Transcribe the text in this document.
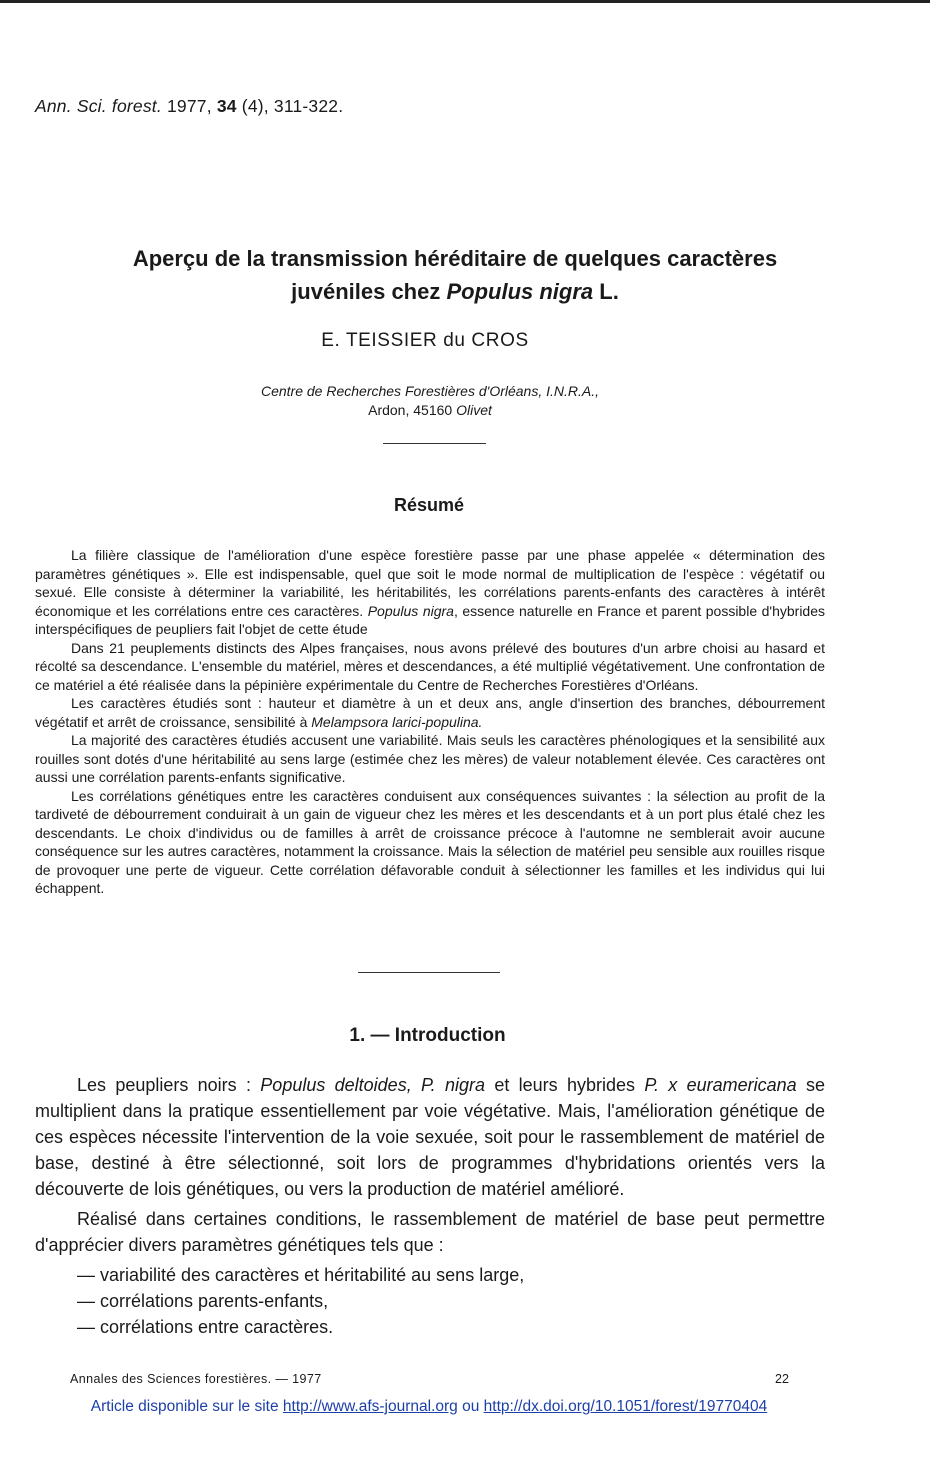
Ann. Sci. forest. 1977, 34 (4), 311-322.
Aperçu de la transmission héréditaire de quelques caractères
juvéniles chez Populus nigra L.
E. TEISSIER du CROS
Centre de Recherches Forestières d'Orléans, I.N.R.A.,
Ardon, 45160 Olivet
Résumé

La filière classique de l'amélioration d'une espèce forestière passe par une phase appelée « détermination des paramètres génétiques ». Elle est indispensable, quel que soit le mode normal de multiplication de l'espèce : végétatif ou sexué. Elle consiste à déterminer la variabilité, les héritabilités, les corrélations parents-enfants des caractères à intérêt économique et les corrélations entre ces caractères. Populus nigra, essence naturelle en France et parent possible d'hybrides interspécifiques de peupliers fait l'objet de cette étude

Dans 21 peuplements distincts des Alpes françaises, nous avons prélevé des boutures d'un arbre choisi au hasard et récolté sa descendance. L'ensemble du matériel, mères et descendances, a été multiplié végétativement. Une confrontation de ce matériel a été réalisée dans la pépinière expérimentale du Centre de Recherches Forestières d'Orléans.

Les caractères étudiés sont : hauteur et diamètre à un et deux ans, angle d'insertion des branches, débourrement végétatif et arrêt de croissance, sensibilité à Melampsora larici-populina.

La majorité des caractères étudiés accusent une variabilité. Mais seuls les caractères phénologiques et la sensibilité aux rouilles sont dotés d'une héritabilité au sens large (estimée chez les mères) de valeur notablement élevée. Ces caractères ont aussi une corrélation parents-enfants significative.

Les corrélations génétiques entre les caractères conduisent aux conséquences suivantes : la sélection au profit de la tardiveté de débourrement conduirait à un gain de vigueur chez les mères et les descendants et à un port plus étalé chez les descendants. Le choix d'individus ou de familles à arrêt de croissance précoce à l'automne ne semblerait avoir aucune conséquence sur les autres caractères, notamment la croissance. Mais la sélection de matériel peu sensible aux rouilles risque de provoquer une perte de vigueur. Cette corrélation défavorable conduit à sélectionner les familles et les individus qui lui échappent.

1. — Introduction

Les peupliers noirs : Populus deltoides, P. nigra et leurs hybrides P. x euramericana se multiplient dans la pratique essentiellement par voie végétative. Mais, l'amélioration génétique de ces espèces nécessite l'intervention de la voie sexuée, soit pour le rassemblement de matériel de base, destiné à être sélectionné, soit lors de programmes d'hybridations orientés vers la découverte de lois génétiques, ou vers la production de matériel amélioré.

Réalisé dans certaines conditions, le rassemblement de matériel de base peut permettre d'apprécier divers paramètres génétiques tels que :

— variabilité des caractères et héritabilité au sens large,
— corrélations parents-enfants,
— corrélations entre caractères.
Annales des Sciences forestières. — 1977	22
Article disponible sur le site http://www.afs-journal.org ou http://dx.doi.org/10.1051/forest/19770404
